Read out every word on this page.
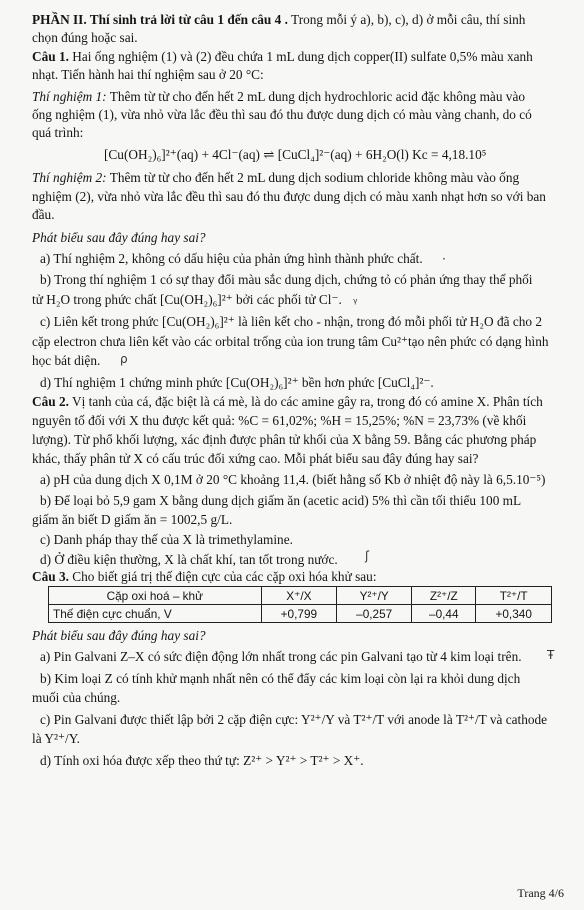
PHẦN II. Thí sinh trả lời từ câu 1 đến câu 4 . Trong mỗi ý a), b), c), d) ở mỗi câu, thí sinh
chọn đúng hoặc sai.
Câu 1. Hai ống nghiệm (1) và (2) đều chứa 1 mL dung dịch copper(II) sulfate 0,5% màu xanh
nhạt. Tiến hành hai thí nghiệm sau ở 20 °C:
Thí nghiệm 1: Thêm từ từ cho đến hết 2 mL dung dịch hydrochloric acid đặc không màu vào
ống nghiệm (1), vừa nhỏ vừa lắc đều thì sau đó thu được dung dịch có màu vàng chanh, do có
quá trình:
[Cu(OH₂)₆]²⁺(aq) + 4Cl⁻(aq) ⇌ [CuCl₄]²⁻(aq) + 6H₂O(l) Kc = 4,18.10⁵
Thí nghiệm 2: Thêm từ từ cho đến hết 2 mL dung dịch sodium chloride không màu vào ống
nghiệm (2), vừa nhỏ vừa lắc đều thì sau đó thu được dung dịch có màu xanh nhạt hơn so với ban
đầu.
Phát biểu sau đây đúng hay sai?
a) Thí nghiệm 2, không có dấu hiệu của phản ứng hình thành phức chất.
b) Trong thí nghiệm 1 có sự thay đổi màu sắc dung dịch, chứng tỏ có phản ứng thay thế phối
tử H₂O trong phức chất [Cu(OH₂)₆]²⁺ bởi các phối tử Cl⁻.
c) Liên kết trong phức [Cu(OH₂)₆]²⁺ là liên kết cho - nhận, trong đó mỗi phối tử H₂O đã cho 2
cặp electron chưa liên kết vào các orbital trống của ion trung tâm Cu²⁺tạo nên phức có dạng hình
học bát diện.
d) Thí nghiệm 1 chứng minh phức [Cu(OH₂)₆]²⁺ bền hơn phức [CuCl₄]²⁻.
Câu 2. Vị tanh của cá, đặc biệt là cá mè, là do các amine gây ra, trong đó có amine X. Phân tích
nguyên tố đối với X thu được kết quả: %C = 61,02%; %H = 15,25%; %N = 23,73% (về khối
lượng). Từ phổ khối lượng, xác định được phân tử khối của X bằng 59. Bằng các phương pháp
khác, thấy phân tử X có cấu trúc đối xứng cao. Mỗi phát biểu sau đây đúng hay sai?
a) pH của dung dịch X 0,1M ở 20 °C khoảng 11,4. (biết hằng số Kb ở nhiệt độ này là 6,5.10⁻⁵)
b) Để loại bỏ 5,9 gam X bằng dung dịch giấm ăn (acetic acid) 5% thì cần tối thiểu 100 mL
giấm ăn biết D giấm ăn = 1002,5 g/L.
c) Danh pháp thay thế của X là trimethylamine.
d) Ở điều kiện thường, X là chất khí, tan tốt trong nước.
Câu 3. Cho biết giá trị thế điện cực của các cặp oxi hóa khử sau:
Cặp oxi hoá – khử	X⁺/X	Y²⁺/Y	Z²⁺/Z	T²⁺/T
Thế điện cực chuẩn, V	+0,799	–0,257	–0,44	+0,340
Phát biểu sau đây đúng hay sai?
a) Pin Galvani Z–X có sức điện động lớn nhất trong các pin Galvani tạo từ 4 kim loại trên.
b) Kim loại Z có tính khử mạnh nhất nên có thể đẩy các kim loại còn lại ra khỏi dung dịch
muối của chúng.
c) Pin Galvani được thiết lập bởi 2 cặp điện cực: Y²⁺/Y và T²⁺/T với anode là T²⁺/T và cathode
là Y²⁺/Y.
d) Tính oxi hóa được xếp theo thứ tự: Z²⁺ > Y²⁺ > T²⁺ > X⁺.
·
ᵧ
ρ
ʃ
Ŧ
Trang 4/6
